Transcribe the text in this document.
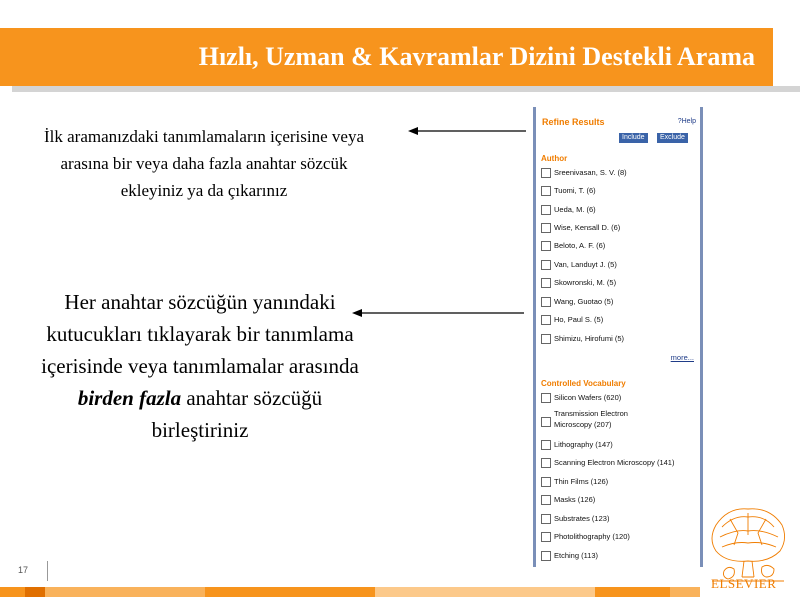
Hızlı, Uzman & Kavramlar Dizini Destekli Arama
İlk aramanızdaki tanımlamaların içerisine veya arasına bir veya daha fazla anahtar sözcük ekleyiniz ya da çıkarınız
Her anahtar sözcüğün yanındaki kutucukları tıklayarak bir tanımlama içerisinde veya tanımlamalar arasında birden fazla anahtar sözcüğü birleştiriniz
Refine Results	?Help
Include	Exclude
Author
Sreenivasan, S. V. (8)
Tuomi, T. (6)
Ueda, M. (6)
Wise, Kensall D. (6)
Beloto, A. F. (6)
Van, Landuyt J. (5)
Skowronski, M. (5)
Wang, Guotao (5)
Ho, Paul S. (5)
Shimizu, Hirofumi (5)
more...
Controlled Vocabulary
Silicon Wafers (620)
Transmission Electron
Microscopy (207)
Lithography (147)
Scanning Electron Microscopy (141)
Thin Films (126)
Masks (126)
Substrates (123)
Photolithography (120)
Etching (113)
ELSEVIER
17
